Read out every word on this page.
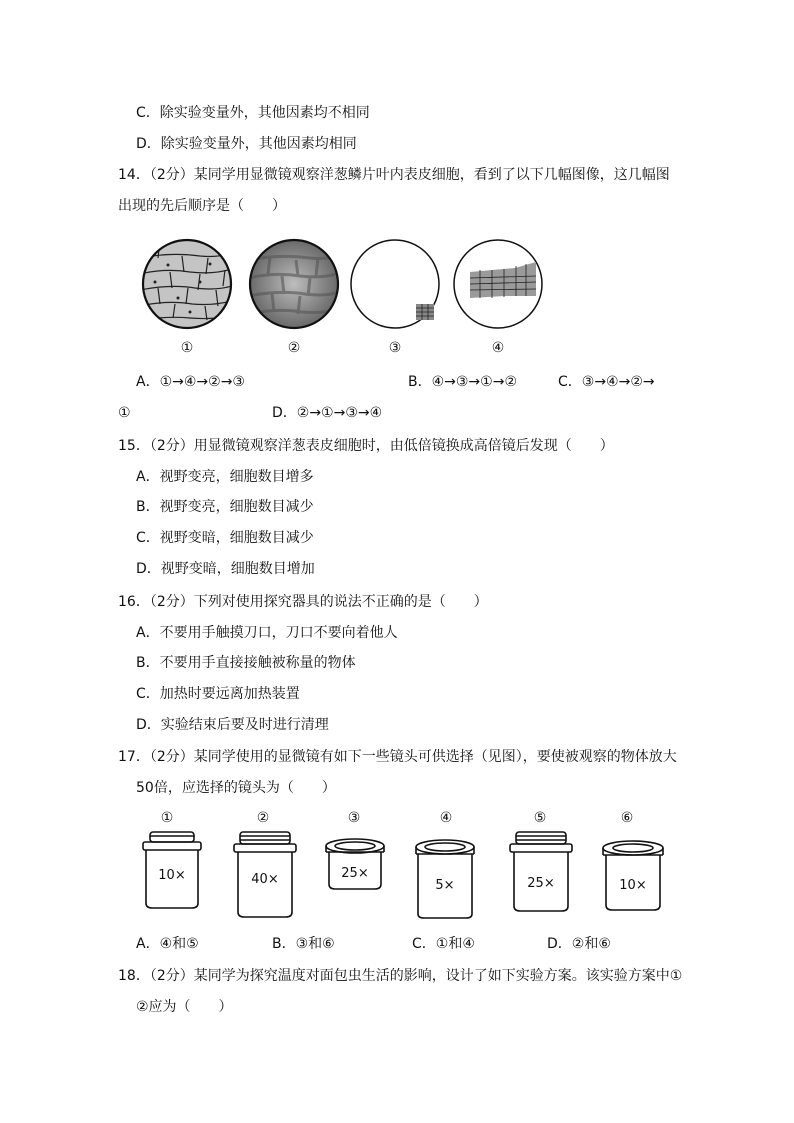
C．除实验变量外，其他因素均不相同
D．除实验变量外，其他因素均相同
14．（2分）某同学用显微镜观察洋葱鳞片叶内表皮细胞，看到了以下几幅图像，这几幅图
出现的先后顺序是（　　）
①	②	③	④
A．①→④→②→③	B．④→③→①→②	C．③→④→②→
①	D．②→①→③→④
15．（2分）用显微镜观察洋葱表皮细胞时，由低倍镜换成高倍镜后发现（　　）
A．视野变亮，细胞数目增多
B．视野变亮，细胞数目减少
C．视野变暗，细胞数目减少
D．视野变暗，细胞数目增加
16．（2分）下列对使用探究器具的说法不正确的是（　　）
A．不要用手触摸刀口，刀口不要向着他人
B．不要用手直接接触被称量的物体
C．加热时要远离加热装置
D．实验结束后要及时进行清理
17．（2分）某同学使用的显微镜有如下一些镜头可供选择（见图），要使被观察的物体放大
50倍，应选择的镜头为（　　）
①	②	③	④	⑤	⑥
10×	40×	25×
5×	25×	10×
A．④和⑤	B．③和⑥	C．①和④	D．②和⑥
18．（2分）某同学为探究温度对面包虫生活的影响，设计了如下实验方案。该实验方案中①
②应为（　　）
